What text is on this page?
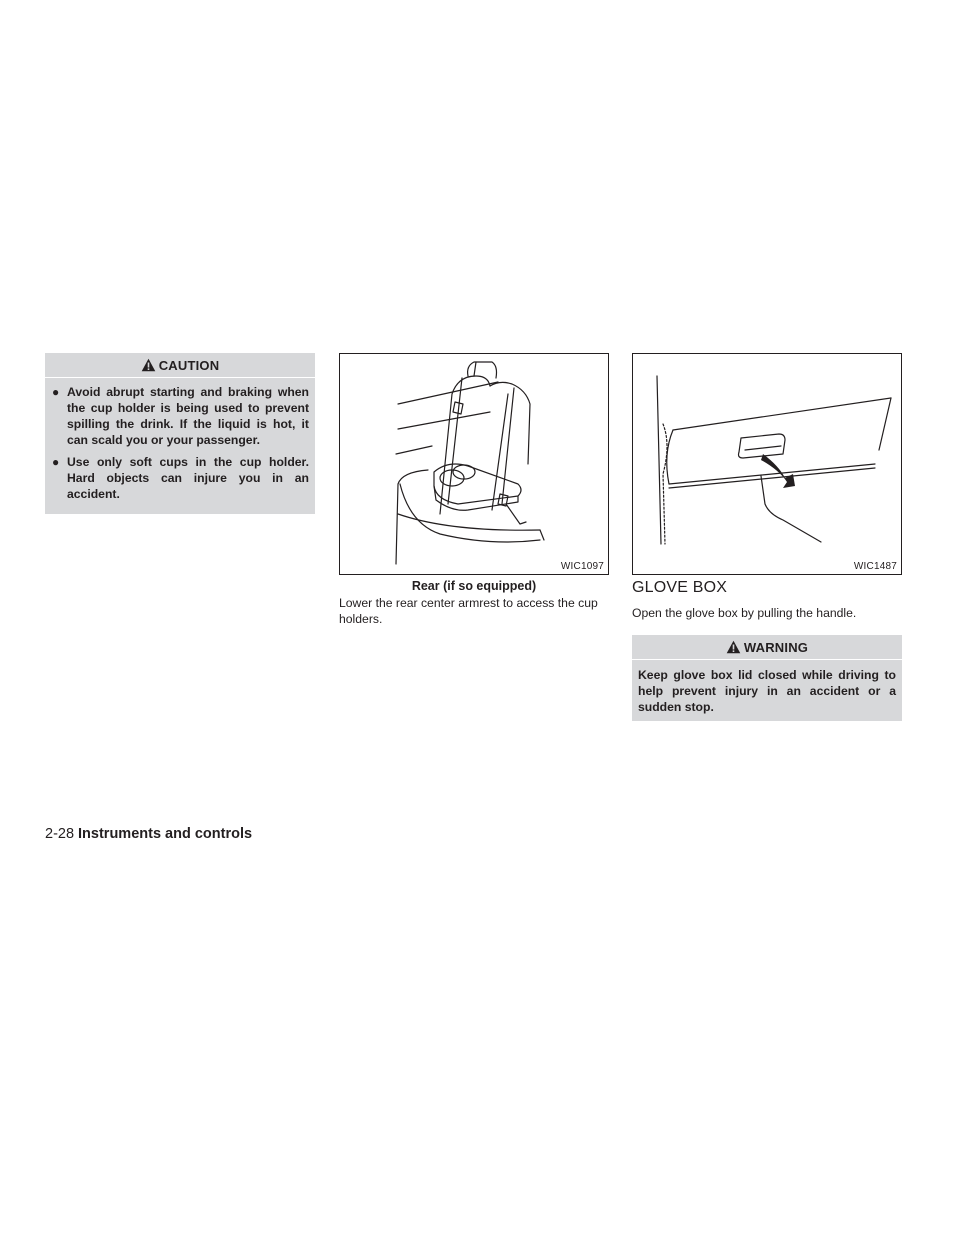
CAUTION
● Avoid abrupt starting and braking when the cup holder is being used to prevent spilling the drink. If the liquid is hot, it can scald you or your passenger.
● Use only soft cups in the cup holder. Hard objects can injure you in an accident.
WIC1097
Rear (if so equipped)

Lower the rear center armrest to access the cup holders.

WIC1487
GLOVE BOX

Open the glove box by pulling the handle.

WARNING
Keep glove box lid closed while driving to help prevent injury in an accident or a sudden stop.
2-28 Instruments and controls
